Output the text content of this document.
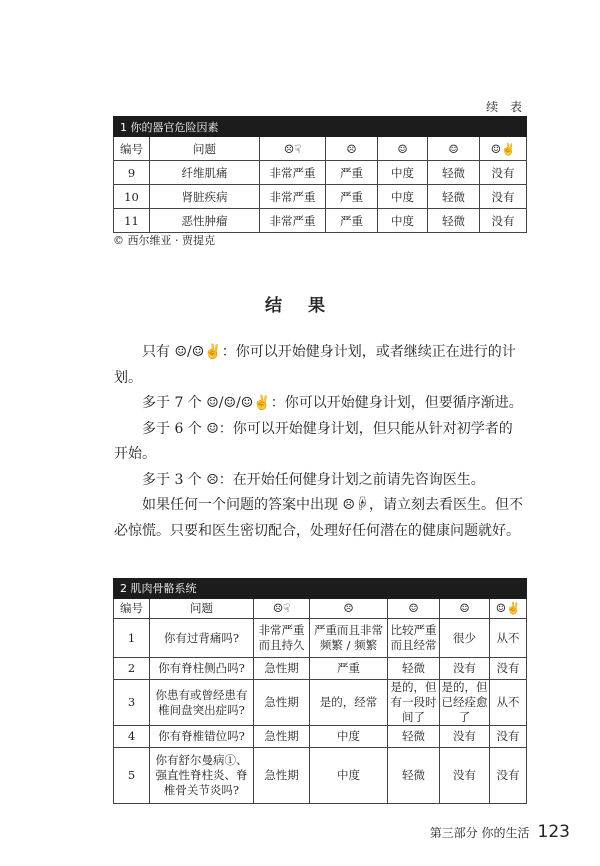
续 表
1 你的器官危险因素						
编号	问题	☹☟	☹	☺	☺	☺✌
9	纤维肌痛	非常严重	严重	中度	轻微	没有
10	肾脏疾病	非常严重	严重	中度	轻微	没有
11	恶性肿瘤	非常严重	严重	中度	轻微	没有
© 西尔维亚 · 贾提克
结 果

只有 ☺/☺✌：你可以开始健身计划，或者继续正在进行的计划。

多于 7 个 ☺/☺/☺✌：你可以开始健身计划，但要循序渐进。

多于 6 个 ☺：你可以开始健身计划，但只能从针对初学者的开始。

多于 3 个 ☹：在开始任何健身计划之前请先咨询医生。

如果任何一个问题的答案中出现 ☹☟，请立刻去看医生。但不必惊慌。只要和医生密切配合，处理好任何潜在的健康问题就好。

2 肌肉骨骼系统						
编号	问题	☹☟	☹	☺	☺	☺✌
1	你有过背痛吗?	非常严重而且持久	严重而且非常频繁 / 频繁	比较严重而且经常	很少	从不
2	你有脊柱侧凸吗?	急性期	严重	轻微	没有	没有
3	你患有或曾经患有椎间盘突出症吗?	急性期	是的，经常	是的，但有一段时间了	是的，但已经痊愈了	从不
4	你有脊椎错位吗?	急性期	中度	轻微	没有	没有
5	你有舒尔曼病①、强直性脊柱炎、脊椎骨关节炎吗?	急性期	中度	轻微	没有	没有
第三部分 你的生活 123
